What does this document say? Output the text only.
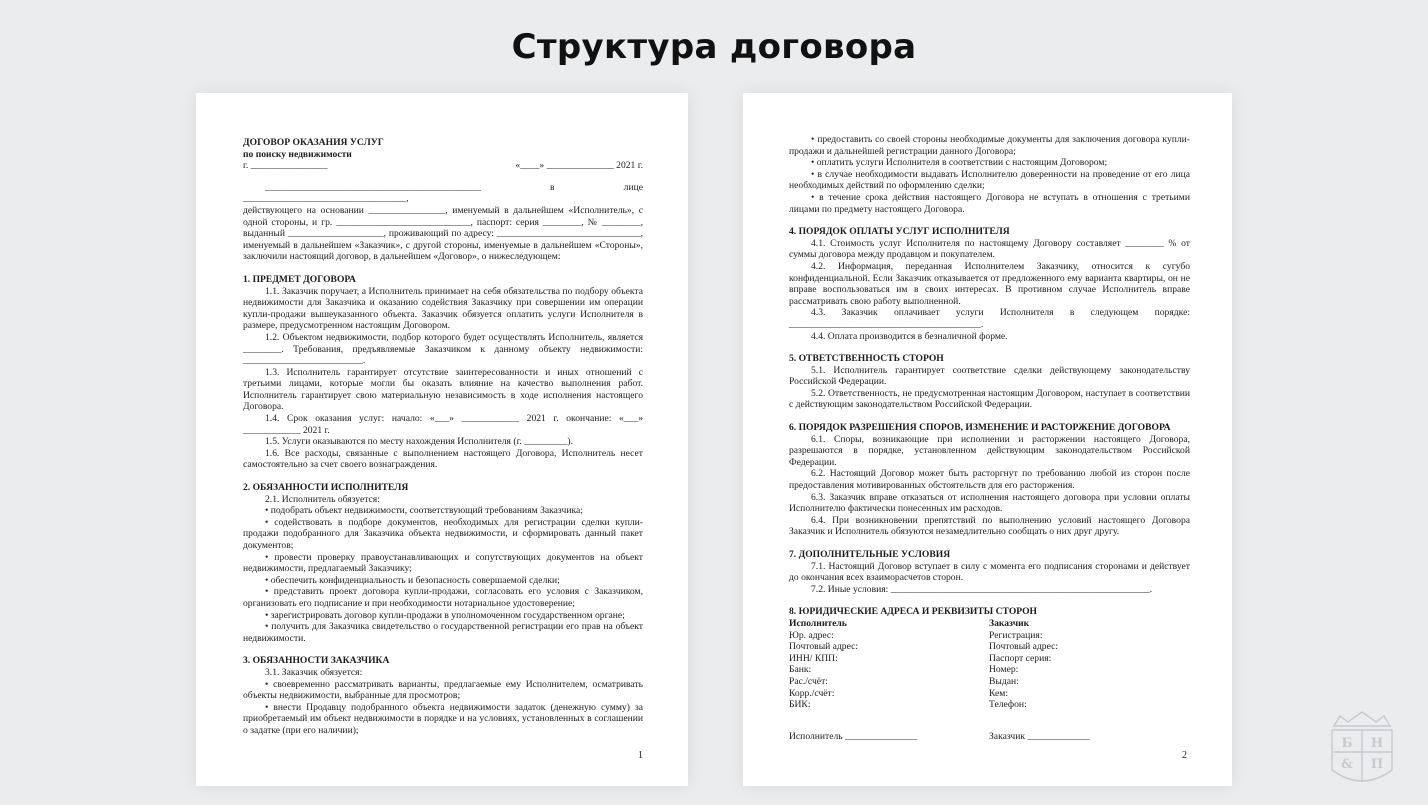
Структура договора

ДОГОВОР ОКАЗАНИЯ УСЛУГ

по поиску недвижимости

г. ________________	«____» ______________ 2021 г.

_____________________________________________ в лице __________________________________,

действующего на основании ________________, именуемый в дальнейшем «Исполнитель», с одной стороны, и гр. ____________________________, паспорт: серия ________, № ________, выданный ____________________, проживающий по адресу: ______________________________, именуемый в дальнейшем «Заказчик», с другой стороны, именуемые в дальнейшем «Стороны», заключили настоящий договор, в дальнейшем «Договор», о нижеследующем:

1. ПРЕДМЕТ ДОГОВОРА

1.1. Заказчик поручает, а Исполнитель принимает на себя обязательства по подбору объекта недвижимости для Заказчика и оказанию содействия Заказчику при совершении им операции купли-продажи вышеуказанного объекта. Заказчик обязуется оплатить услуги Исполнителя в размере, предусмотренном настоящим Договором.

1.2. Объектом недвижимости, подбор которого будет осуществлять Исполнитель, является ________. Требования, предъявляемые Заказчиком к данному объекту недвижимости: _________________________.

1.3. Исполнитель гарантирует отсутствие заинтересованности и иных отношений с третьими лицами, которые могли бы оказать влияние на качество выполнения работ. Исполнитель гарантирует свою материальную независимость в ходе исполнения настоящего Договора.

1.4. Срок оказания услуг: начало: «___» ____________ 2021 г. окончание: «___» ____________ 2021 г.

1.5. Услуги оказываются по месту нахождения Исполнителя (г. _________).

1.6. Все расходы, связанные с выполнением настоящего Договора, Исполнитель несет самостоятельно за счет своего вознаграждения.

2. ОБЯЗАННОСТИ ИСПОЛНИТЕЛЯ

2.1. Исполнитель обязуется:

• подобрать объект недвижимости, соответствующий требованиям Заказчика;

• содействовать в подборе документов, необходимых для регистрации сделки купли-продажи подобранного для Заказчика объекта недвижимости, и сформировать данный пакет документов;

• провести проверку правоустанавливающих и сопутствующих документов на объект недвижимости, предлагаемый Заказчику;

• обеспечить конфиденциальность и безопасность совершаемой сделки;

• представить проект договора купли-продажи, согласовать его условия с Заказчиком, организовать его подписание и при необходимости нотариальное удостоверение;

• зарегистрировать договор купли-продажи в уполномоченном государственном органе;

• получить для Заказчика свидетельство о государственной регистрации его прав на объект недвижимости.

3. ОБЯЗАННОСТИ ЗАКАЗЧИКА

3.1. Заказчик обязуется:

• своевременно рассматривать варианты, предлагаемые ему Исполнителем, осматривать объекты недвижимости, выбранные для просмотров;

• внести Продавцу подобранного объекта недвижимости задаток (денежную сумму) за приобретаемый им объект недвижимости в порядке и на условиях, установленных в соглашении о задатке (при его наличии);

1

• предоставить со своей стороны необходимые документы для заключения договора купли-продажи и дальнейшей регистрации данного Договора;

• оплатить услуги Исполнителя в соответствии с настоящим Договором;

• в случае необходимости выдавать Исполнителю доверенности на проведение от его лица необходимых действий по оформлению сделки;

• в течение срока действия настоящего Договора не вступать в отношения с третьими лицами по предмету настоящего Договора.

4. ПОРЯДОК ОПЛАТЫ УСЛУГ ИСПОЛНИТЕЛЯ

4.1. Стоимость услуг Исполнителя по настоящему Договору составляет ________ % от суммы договора между продавцом и покупателем.

4.2. Информация, переданная Исполнителем Заказчику, относится к сугубо конфиденциальной. Если Заказчик отказывается от предложенного ему варианта квартиры, он не вправе воспользоваться им в своих интересах. В противном случае Исполнитель вправе рассматривать свою работу выполненной.

4.3. Заказчик оплачивает услуги Исполнителя в следующем порядке: ________________________________________.

4.4. Оплата производится в безналичной форме.

5. ОТВЕТСТВЕННОСТЬ СТОРОН

5.1. Исполнитель гарантирует соответствие сделки действующему законодательству Российской Федерации.

5.2. Ответственность, не предусмотренная настоящим Договором, наступает в соответствии с действующим законодательством Российской Федерации.

6. ПОРЯДОК РАЗРЕШЕНИЯ СПОРОВ, ИЗМЕНЕНИЕ И РАСТОРЖЕНИЕ ДОГОВОРА

6.1. Споры, возникающие при исполнении и расторжении настоящего Договора, разрешаются в порядке, установленном действующим законодательством Российской Федерации.

6.2. Настоящий Договор может быть расторгнут по требованию любой из сторон после предоставления мотивированных обстоятельств для его расторжения.

6.3. Заказчик вправе отказаться от исполнения настоящего договора при условии оплаты Исполнителю фактически понесенных им расходов.

6.4. При возникновении препятствий по выполнению условий настоящего Договора Заказчик и Исполнитель обязуются незамедлительно сообщать о них друг другу.

7. ДОПОЛНИТЕЛЬНЫЕ УСЛОВИЯ

7.1. Настоящий Договор вступает в силу с момента его подписания сторонами и действует до окончания всех взаиморасчетов сторон.

7.2. Иные условия: ______________________________________________________.

8. ЮРИДИЧЕСКИЕ АДРЕСА И РЕКВИЗИТЫ СТОРОН

Исполнитель

Юр. адрес:

Почтовый адрес:

ИНН/ КПП:

Банк:

Рас./счёт:

Корр./счёт:

БИК:

Заказчик

Регистрация:

Почтовый адрес:

Паспорт серия:

Номер:

Выдан:

Кем:

Телефон:

Исполнитель _______________	Заказчик _____________
2
Б Н
& П
